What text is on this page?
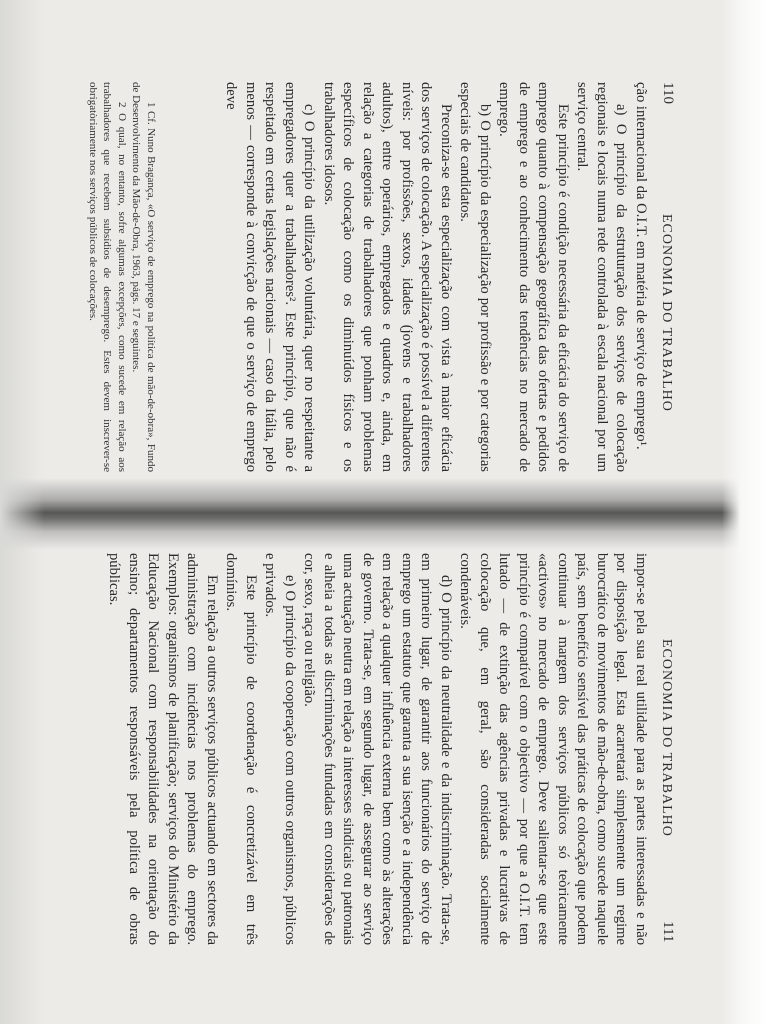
110
ECONOMIA DO TRABALHO

ção internacional da O.I.T. em matéria de serviço de emprego¹.

a) O princípio da estruturação dos serviços de colocação regionais e locais numa rede controlada à escala nacional por um serviço central.

Este princípio é condição necessária da eficácia do serviço de emprego quanto à compensação geográfica das ofertas e pedidos de emprego e ao conhecimento das tendências no mercado de emprego.

b) O princípio da especialização por profissão e por categorias especiais de candidatos.

Preconiza-se esta especialização com vista à maior eficácia dos serviços de colocação. A especialização é possível a diferentes níveis: por profissões, sexos, idades (jovens e trabalhadores adultos), entre operários, empregados e quadros e, ainda, em relação a categorias de trabalhadores que ponham problemas específicos de colocação como os diminuídos físicos e os trabalhadores idosos.

c) O princípio da utilização voluntária, quer no respeitante a empregadores quer a trabalhadores². Este princípio, que não é respeitado em certas legislações nacionais — caso da Itália, pelo menos — corresponde à convicção de que o serviço de emprego deve

1 Cf. Nuno Bragança, «O serviço de emprego na política de mão-de-obra», Fundo de Desenvolvimento da Mão-de-Obra, 1963, págs. 17 e seguintes.

2 O qual, no entanto, sofre algumas excepções, como sucede em relação aos trabalhadores que recebem subsídios de desemprego. Estes devem inscrever-se obrigatòriamente nos serviços públicos de colocações.

ECONOMIA DO TRABALHO
111

impor-se pela sua real utilidade para as partes interessadas e não por disposição legal. Esta acarretará simplesmente um regime burocrático de movimentos de mão-de-obra, como sucede naquele país, sem benefício sensível das práticas de colocação que podem continuar à margem dos serviços públicos só teòricamente «activos» no mercado de emprego. Deve salientar-se que este princípio é compatível com o objectivo — por que a O.I.T. tem lutado — de extinção das agências privadas e lucrativas de colocação que, em geral, são consideradas socialmente condenáveis.

d) O princípio da neutralidade e da indiscriminação. Trata-se, em primeiro lugar, de garantir aos funcionários do serviço de emprego um estatuto que garanta a sua isenção e a independência em relação a qualquer influência externa bem como às alterações de governo. Trata-se, em segundo lugar, de assegurar ao serviço uma actuação neutra em relação a interesses sindicais ou patronais e alheia a todas as discriminações fundadas em considerações de cor, sexo, raça ou religião.

e) O princípio da cooperação com outros organismos, públicos e privados.

Este princípio de coordenação é concretizável em três domínios.

Em relação a outros serviços públicos actuando em sectores da administração com incidências nos problemas do emprego. Exemplos: organismos de planificação; serviços do Ministério da Educação Nacional com responsabilidades na orientação do ensino; departamentos responsáveis pela política de obras públicas.
